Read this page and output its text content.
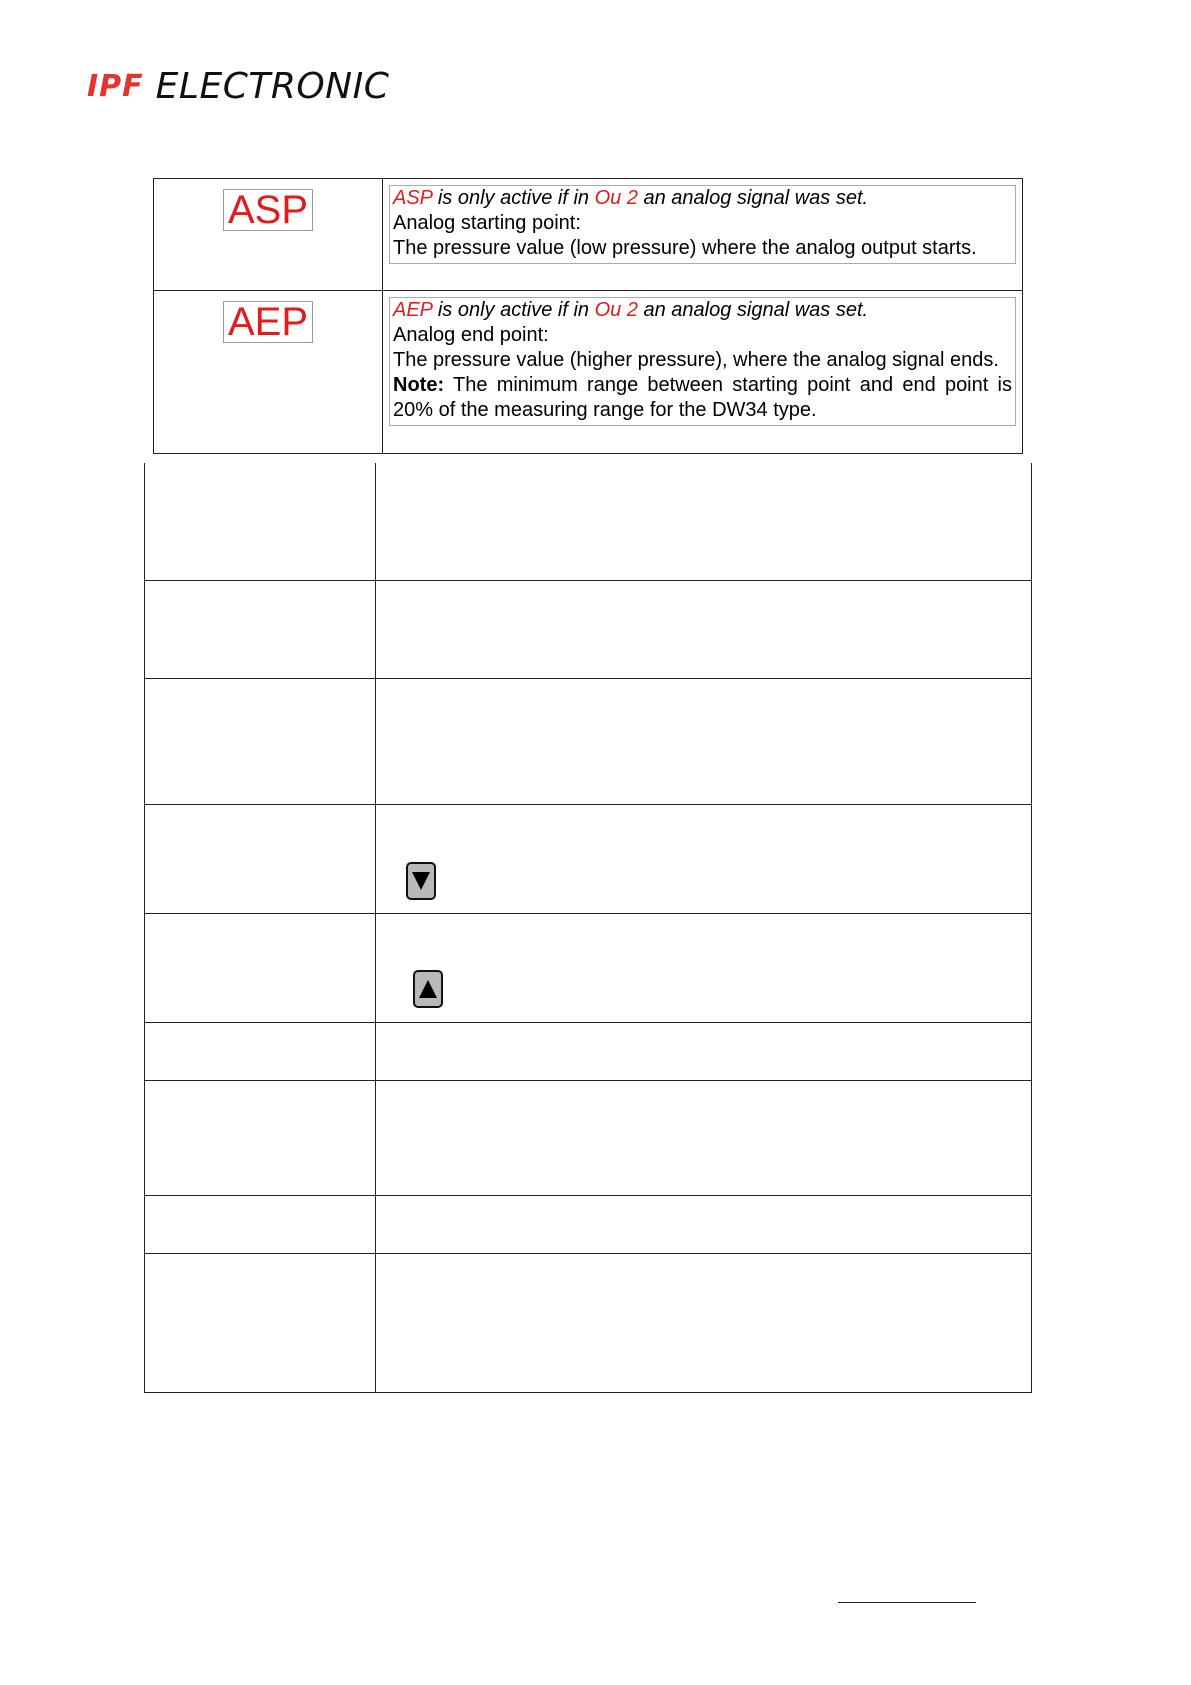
IPF ELECTRONIC
ASP	ASP is only active if in Ou 2 an analog signal was set.
Analog starting point:
The pressure value (low pressure) where the analog output starts.

AEP	AEP is only active if in Ou 2 an analog signal was set.
Analog end point:
The pressure value (higher pressure), where the analog signal ends.
Note: The minimum range between starting point and end point is 20% of the measuring range for the DW34 type.
